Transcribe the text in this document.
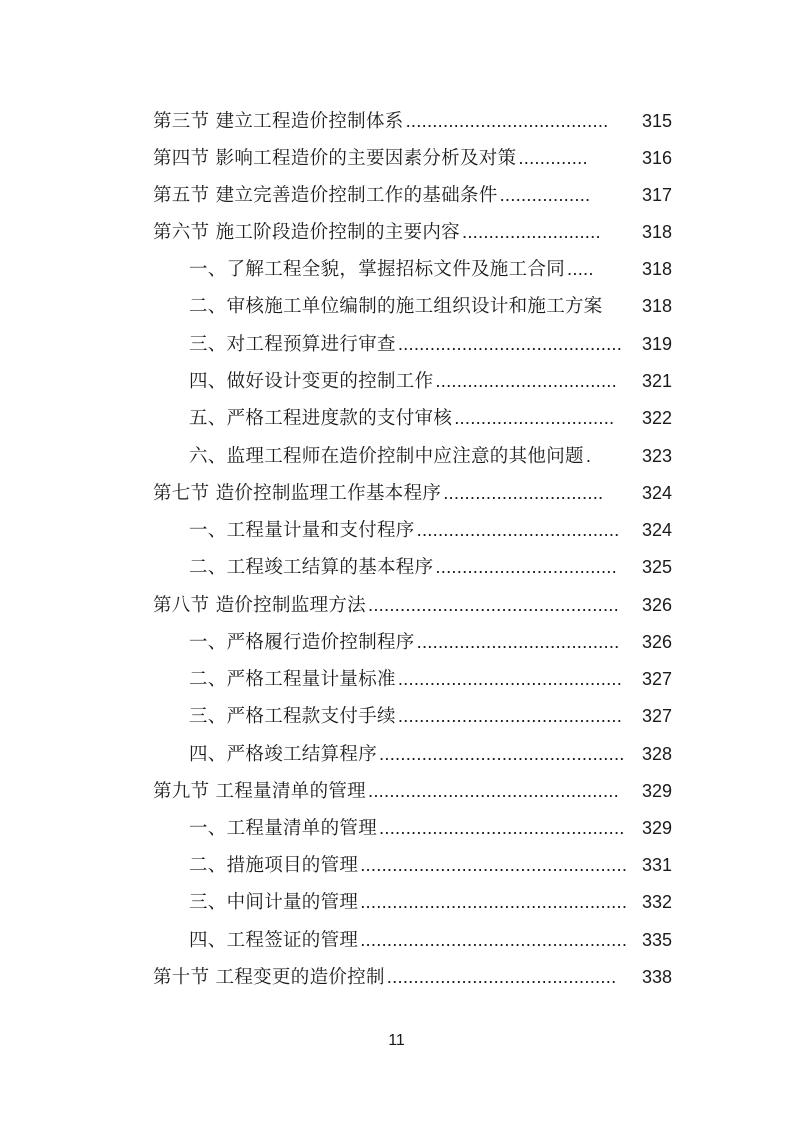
第三节 建立工程造价控制体系 ......................................	315
第四节 影响工程造价的主要因素分析及对策 .............	316
第五节 建立完善造价控制工作的基础条件 .................	317
第六节 施工阶段造价控制的主要内容 ..........................	318
一、了解工程全貌，掌握招标文件及施工合同 .....	318
二、审核施工单位编制的施工组织设计和施工方案 318
三、对工程预算进行审查 ..........................................	319
四、做好设计变更的控制工作 ..................................	321
五、严格工程进度款的支付审核 ..............................	322
六、监理工程师在造价控制中应注意的其他问题 .	323
第七节 造价控制监理工作基本程序 ..............................	324
一、工程量计量和支付程序 ......................................	324
二、工程竣工结算的基本程序 ..................................	325
第八节 造价控制监理方法 ...............................................	326
一、严格履行造价控制程序 ......................................	326
二、严格工程量计量标准 ..........................................	327
三、严格工程款支付手续 ..........................................	327
四、严格竣工结算程序 .............................................. 328
第九节 工程量清单的管理 ...............................................	329
一、工程量清单的管理 .............................................. 329
二、措施项目的管理 .................................................. 331
三、中间计量的管理 .................................................. 332
四、工程签证的管理 .................................................. 335
第十节 工程变更的造价控制 ...........................................	338
11
